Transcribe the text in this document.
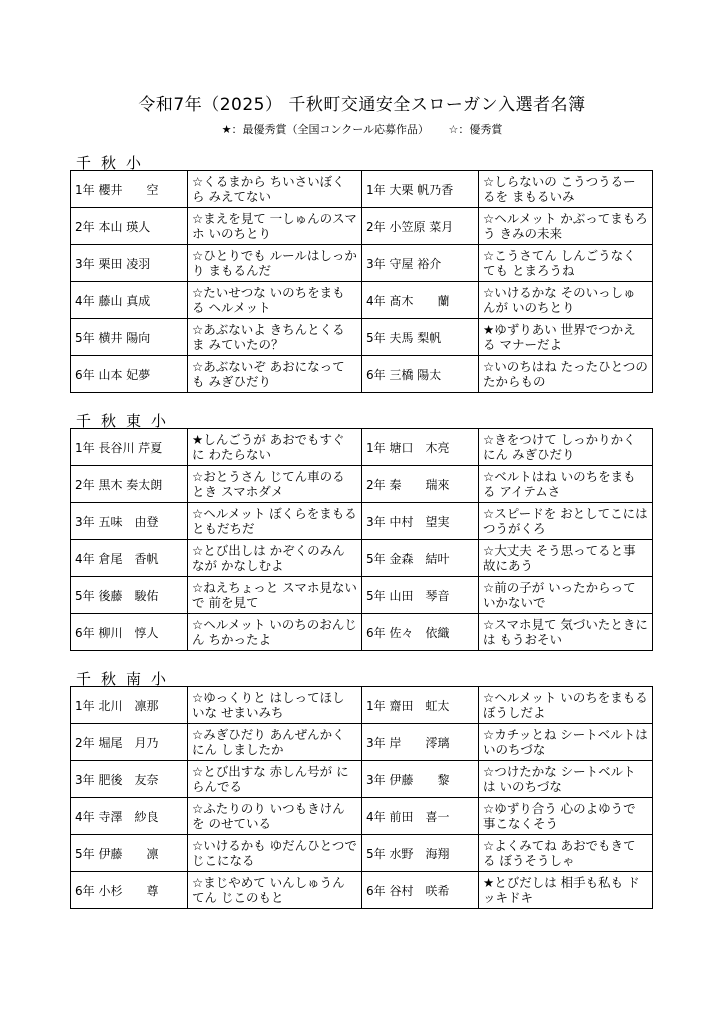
令和7年（2025） 千秋町交通安全スローガン入選者名簿
★：最優秀賞（全国コンクール応募作品） ☆：優秀賞
千秋小
1年 櫻井　　空	☆くるまから ちいさいぼくら みえてない	1年 大栗 帆乃香	☆しらないの こうつうるーるを まもるいみ
2年 本山 瑛人	☆まえを見て 一しゅんのスマホ いのちとり	2年 小笠原 菜月	☆ヘルメット かぶってまもろう きみの未来
3年 栗田 凌羽	☆ひとりでも ルールはしっかり まもるんだ	3年 守屋 裕介	☆こうさてん しんごうなくても とまろうね
4年 藤山 真成	☆たいせつな いのちをまもる ヘルメット	4年 髙木　　蘭	☆いけるかな そのいっしゅんが いのちとり
5年 横井 陽向	☆あぶないよ きちんとくるま みていたの？	5年 夫馬 梨帆	★ゆずりあい 世界でつかえる マナーだよ
6年 山本 妃夢	☆あぶないぞ あおになっても みぎひだり	6年 三橋 陽太	☆いのちはね たったひとつの たからもの
千秋東小
1年 長谷川 芹夏	★しんごうが あおでもすぐに わたらない	1年 塘口　木亮	☆きをつけて しっかりかくにん みぎひだり
2年 黒木 奏太朗	☆おとうさん じてん車のるとき スマホダメ	2年 秦　　瑞來	☆ベルトはね いのちをまもる アイテムさ
3年 五味　由登	☆ヘルメット ぼくらをまもる ともだちだ	3年 中村　望実	☆スピードを おとしてこには つうがくろ
4年 倉尾　香帆	☆とび出しは かぞくのみんなが かなしむよ	5年 金森　結叶	☆大丈夫 そう思ってると事故にあう
5年 後藤　駿佑	☆ねえちょっと スマホ見ないで 前を見て	5年 山田　琴音	☆前の子が いったからって いかないで
6年 柳川　惇人	☆ヘルメット いのちのおんじん ちかったよ	6年 佐々　依織	☆スマホ見て 気づいたときには もうおそい
千秋南小
1年 北川　凛那	☆ゆっくりと はしってほしいな せまいみち	1年 齋田　虹太	☆ヘルメット いのちをまもる ぼうしだよ
2年 堀尾　月乃	☆みぎひだり あんぜんかくにん しましたか	3年 岸　　澪璃	☆カチッとね シートベルトは いのちづな
3年 肥後　友奈	☆とび出すな 赤しん号が にらんでる	3年 伊藤　　黎	☆つけたかな シートベルトは いのちづな
4年 寺澤　紗良	☆ふたりのり いつもきけんを のせている	4年 前田　喜一	☆ゆずり合う 心のよゆうで 事こなくそう
5年 伊藤　　凛	☆いけるかも ゆだんひとつで じこになる	5年 水野　海翔	☆よくみてね あおでもきてる ぼうそうしゃ
6年 小杉　　尊	☆まじやめて いんしゅうんてん じこのもと	6年 谷村　咲希	★とびだしは 相手も私も ドッキドキ
